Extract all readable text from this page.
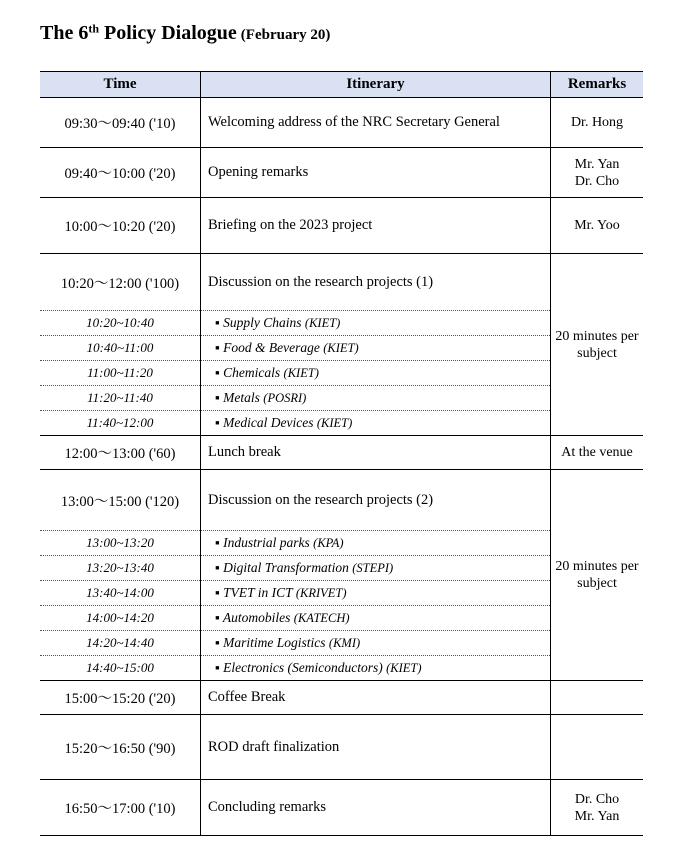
The 6th Policy Dialogue (February 20)
Time	Itinerary	Remarks
09:30～09:40 ('10)	Welcoming address of the NRC Secretary General	Dr. Hong

09:40～10:00 ('20)	Opening remarks	Mr. Yan
Dr. Cho

10:00～10:20 ('20)	Briefing on the 2023 project	Mr. Yoo

10:20～12:00 ('100)	Discussion on the research projects (1)	20 minutes per
subject

10:20~10:40	▪ Supply Chains (KIET)	
10:40~11:00	▪ Food & Beverage (KIET)	
11:00~11:20	▪ Chemicals (KIET)	
11:20~11:40	▪ Metals (POSRI)	
11:40~12:00	▪ Medical Devices (KIET)	
12:00～13:00 ('60)	Lunch break	At the venue

13:00～15:00 ('120)	Discussion on the research projects (2)	20 minutes per
subject

13:00~13:20	▪ Industrial parks (KPA)	
13:20~13:40	▪ Digital Transformation (STEPI)	
13:40~14:00	▪ TVET in ICT (KRIVET)	
14:00~14:20	▪ Automobiles (KATECH)	
14:20~14:40	▪ Maritime Logistics (KMI)	
14:40~15:00	▪ Electronics (Semiconductors) (KIET)	
15:00～15:20 ('20)	Coffee Break	
15:20～16:50 ('90)	ROD draft finalization	
16:50～17:00 ('10)	Concluding remarks	Dr. Cho
Mr. Yan
